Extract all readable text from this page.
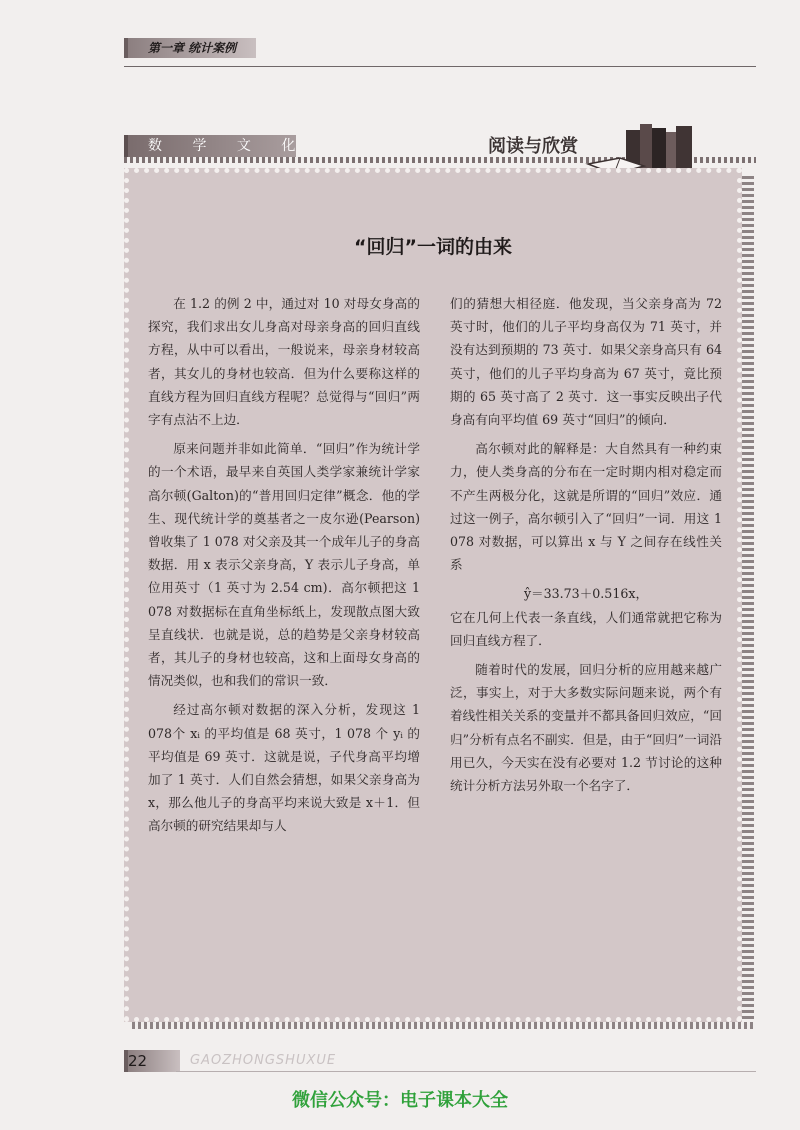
第一章 统计案例
数 学 文 化	阅读与欣赏
“回归”一词的由来

在 1.2 的例 2 中，通过对 10 对母女身高的探究，我们求出女儿身高对母亲身高的回归直线方程，从中可以看出，一般说来，母亲身材较高者，其女儿的身材也较高．但为什么要称这样的直线方程为回归直线方程呢？总觉得与“回归”两字有点沾不上边．

原来问题并非如此简单．“回归”作为统计学的一个术语，最早来自英国人类学家兼统计学家高尔顿(Galton)的“普用回归定律”概念．他的学生、现代统计学的奠基者之一皮尔逊(Pearson)曾收集了 1 078 对父亲及其一个成年儿子的身高数据．用 x 表示父亲身高，Y 表示儿子身高，单位用英寸（1 英寸为 2.54 cm)．高尔顿把这 1 078 对数据标在直角坐标纸上，发现散点图大致呈直线状．也就是说，总的趋势是父亲身材较高者，其儿子的身材也较高，这和上面母女身高的情况类似，也和我们的常识一致．

经过高尔顿对数据的深入分析，发现这 1 078个 xᵢ 的平均值是 68 英寸，1 078 个 yᵢ 的平均值是 69 英寸．这就是说，子代身高平均增加了 1 英寸．人们自然会猜想，如果父亲身高为 x，那么他儿子的身高平均来说大致是 x＋1．但高尔顿的研究结果却与人

们的猜想大相径庭．他发现，当父亲身高为 72 英寸时，他们的儿子平均身高仅为 71 英寸，并没有达到预期的 73 英寸．如果父亲身高只有 64 英寸，他们的儿子平均身高为 67 英寸，竟比预期的 65 英寸高了 2 英寸．这一事实反映出子代身高有向平均值 69 英寸“回归”的倾向．

高尔顿对此的解释是：大自然具有一种约束力，使人类身高的分布在一定时期内相对稳定而不产生两极分化，这就是所谓的“回归”效应．通过这一例子，高尔顿引入了“回归”一词．用这 1 078 对数据，可以算出 x 与 Y 之间存在线性关系

ŷ＝33.73＋0.516x，

它在几何上代表一条直线，人们通常就把它称为回归直线方程了．

随着时代的发展，回归分析的应用越来越广泛，事实上，对于大多数实际问题来说，两个有着线性相关关系的变量并不都具备回归效应，“回归”分析有点名不副实．但是，由于“回归”一词沿用已久，今天实在没有必要对 1.2 节讨论的这种统计分析方法另外取一个名字了．

22	GAOZHONGSHUXUE
微信公众号：电子课本大全
